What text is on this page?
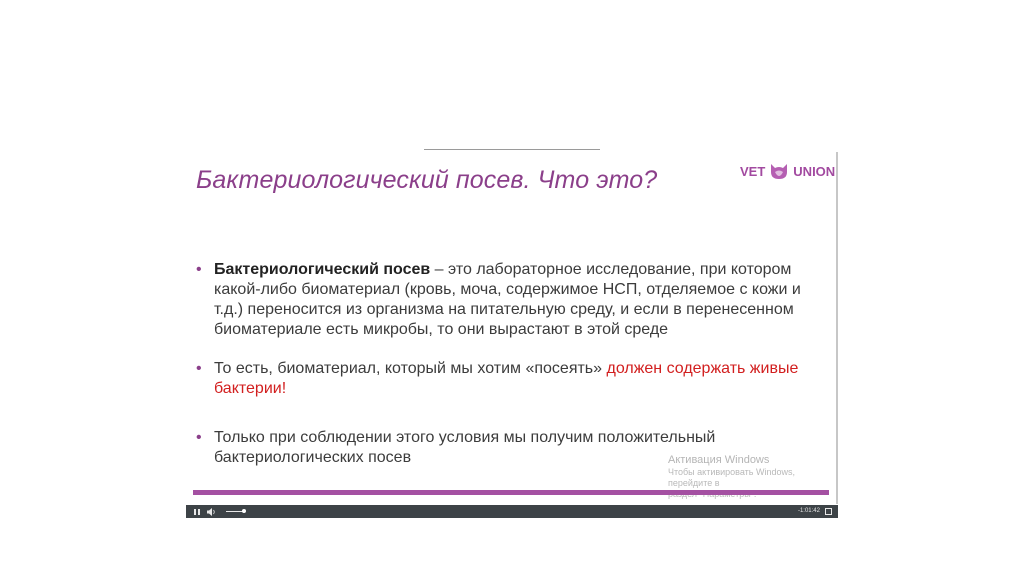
Бактериологический посев. Что это?	VET UNION
• Бактериологический посев – это лабораторное исследование, при котором
какой-либо биоматериал (кровь, моча, содержимое НСП, отделяемое с кожи и
т.д.) переносится из организма на питательную среду, и если в перенесенном
биоматериале есть микробы, то они вырастают в этой среде
• То есть, биоматериал, который мы хотим «посеять» должен содержать живые
бактерии!
• Только при соблюдении этого условия мы получим положительный
бактериологических посев	Активация Windows
Чтобы активировать Windows, перейдите в
-1:01:42
